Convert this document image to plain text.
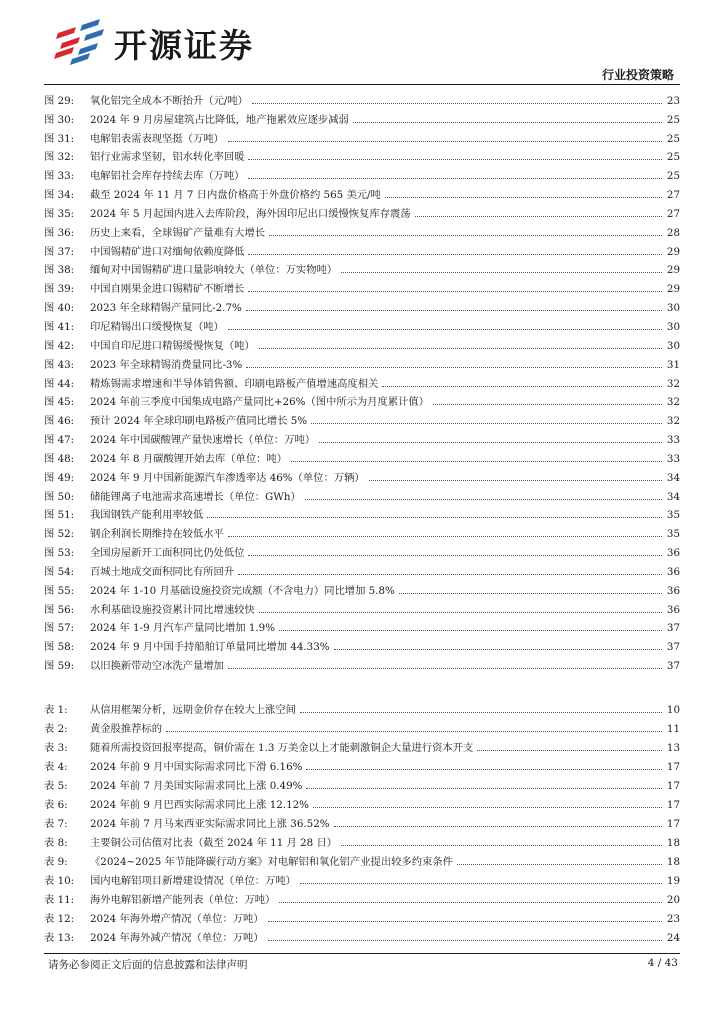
开源证券
行业投资策略
图 29:	氧化铝完全成本不断抬升（元/吨）	23
图 30:	2024 年 9 月房屋建筑占比降低，地产拖累效应逐步减弱	25
图 31:	电解铝表需表现坚挺（万吨）	25
图 32:	铝行业需求坚韧，铝水转化率回暖	25
图 33:	电解铝社会库存持续去库（万吨）	25
图 34:	截至 2024 年 11 月 7 日内盘价格高于外盘价格约 565 美元/吨	27
图 35:	2024 年 5 月起国内进入去库阶段，海外因印尼出口缓慢恢复库存震荡	27
图 36:	历史上来看，全球锡矿产量难有大增长	28
图 37:	中国锡精矿进口对缅甸依赖度降低	29
图 38:	缅甸对中国锡精矿进口量影响较大（单位：万实物吨）	29
图 39:	中国自刚果金进口锡精矿不断增长	29
图 40:	2023 年全球精锡产量同比-2.7%	30
图 41:	印尼精锡出口缓慢恢复（吨）	30
图 42:	中国自印尼进口精锡缓慢恢复（吨）	30
图 43:	2023 年全球精锡消费量同比-3%	31
图 44:	精炼锡需求增速和半导体销售额、印刷电路板产值增速高度相关	32
图 45:	2024 年前三季度中国集成电路产量同比+26%（图中所示为月度累计值）	32
图 46:	预计 2024 年全球印刷电路板产值同比增长 5%	32
图 47:	2024 年中国碳酸锂产量快速增长（单位：万吨）	33
图 48:	2024 年 8 月碳酸锂开始去库（单位：吨）	33
图 49:	2024 年 9 月中国新能源汽车渗透率达 46%（单位：万辆）	34
图 50:	储能锂离子电池需求高速增长（单位：GWh）	34
图 51:	我国钢铁产能利用率较低	35
图 52:	钢企利润长期维持在较低水平	35
图 53:	全国房屋新开工面积同比仍处低位	36
图 54:	百城土地成交面积同比有所回升	36
图 55:	2024 年 1-10 月基础设施投资完成额（不含电力）同比增加 5.8%	36
图 56:	水利基础设施投资累计同比增速较快	36
图 57:	2024 年 1-9 月汽车产量同比增加 1.9%	37
图 58:	2024 年 9 月中国手持船舶订单量同比增加 44.33%	37
图 59:	以旧换新带动空冰洗产量增加	37
表 1:	从信用框架分析，远期金价存在较大上涨空间	10
表 2:	黄金股推荐标的	11
表 3:	随着所需投资回报率提高，铜价需在 1.3 万美金以上才能刺激铜企大量进行资本开支	13
表 4:	2024 年前 9 月中国实际需求同比下滑 6.16%	17
表 5:	2024 年前 7 月美国实际需求同比上涨 0.49%	17
表 6:	2024 年前 9 月巴西实际需求同比上涨 12.12%	17
表 7:	2024 年前 7 月马来西亚实际需求同比上涨 36.52%	17
表 8:	主要铜公司估值对比表（截至 2024 年 11 月 28 日）	18
表 9:	《2024~2025 年节能降碳行动方案》对电解铝和氧化铝产业提出较多约束条件	18
表 10:	国内电解铝项目新增建设情况（单位：万吨）	19
表 11:	海外电解铝新增产能列表（单位：万吨）	20
表 12:	2024 年海外增产情况（单位：万吨）	23
表 13:	2024 年海外减产情况（单位：万吨）	24
请务必参阅正文后面的信息披露和法律声明	4 / 43
